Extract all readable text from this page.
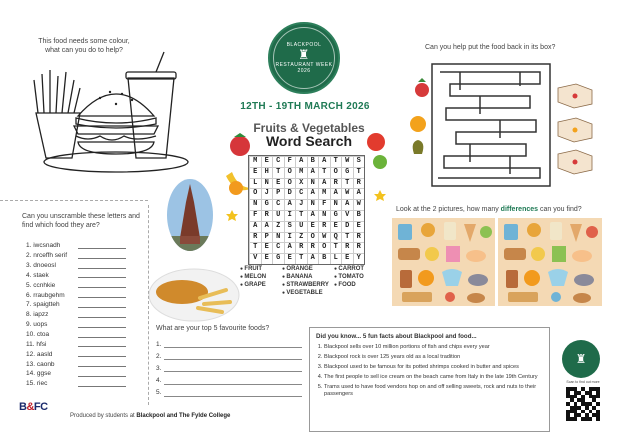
BLACKPOOL
♜
RESTAURANT WEEK 2026
12TH - 19TH MARCH 2026
This food needs some colour, what can you do to help?	Can you help put the food back in its box?
Fruits & Vegetables
Word Search
M	E	C	F	A	B	A	T	W	S
E	H	T	O	M	A	T	O	G	T
L	N	E	O	X	N	A	R	T	R
O	J	P	D	C	A	M	A	W	A
N	G	C	A	J	N	F	N	A	W
F	R	U	I	T	A	N	G	V	B
A	A	Z	S	U	E	R	E	D	E
R	P	N	I	Z	O	W	Q	T	R
T	E	C	A	R	R	O	T	R	R
V	E	G	E	T	A	B	L	E	Y
● FRUIT	● ORANGE	● CARROT
● MELON	● BANANA	● TOMATO
● GRAPE	● STRAWBERRY	● FOOD
● VEGETABLE
Look at the 2 pictures, how many differences can you find?
Can you unscramble these letters and find which food they are?
1. iwcsnadh
2. nrceffh serif
3. dnoeosl
4. staek
5. ccnhkie
6. rraubgehm
7. spaigtteh
8. iapzz
9. uops
10. ctoa
11. hfsi
12. aasld
13. caonb
14. ggse
15. riec
What are your top 5 favourite foods?
1.
2.
3.
4.
5.
Did you know... 5 fun facts about Blackpool and food...
1. Blackpool sells over 10 million portions of fish and chips every year
2. Blackpool rock is over 125 years old as a local tradition
3. Blackpool used to be famous for its potted shrimps cooked in butter and spices
4. The first people to sell ice cream on the beach came from Italy in the late 19th Century
5. Trams used to have food vendors hop on and off selling sweets, rock and nuts to their passengers
♜
Scan to find out more
B&FC
Produced by students at Blackpool and The Fylde College
